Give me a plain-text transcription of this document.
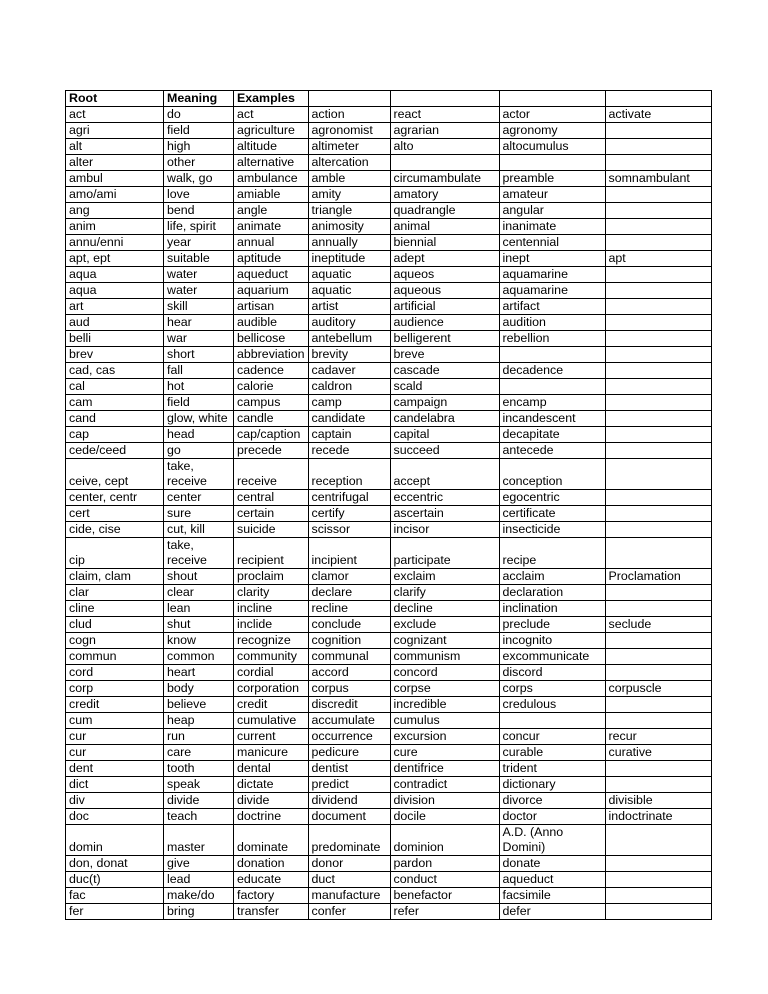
Root	Meaning	Examples				
act	do	act	action	react	actor	activate
agri	field	agriculture	agronomist	agrarian	agronomy	
alt	high	altitude	altimeter	alto	altocumulus	
alter	other	alternative	altercation			
ambul	walk, go	ambulance	amble	circumambulate	preamble	somnambulant
amo/ami	love	amiable	amity	amatory	amateur	
ang	bend	angle	triangle	quadrangle	angular	
anim	life, spirit	animate	animosity	animal	inanimate	
annu/enni	year	annual	annually	biennial	centennial	
apt, ept	suitable	aptitude	ineptitude	adept	inept	apt
aqua	water	aqueduct	aquatic	aqueos	aquamarine	
aqua	water	aquarium	aquatic	aqueous	aquamarine	
art	skill	artisan	artist	artificial	artifact	
aud	hear	audible	auditory	audience	audition	
belli	war	bellicose	antebellum	belligerent	rebellion	
brev	short	abbreviation	brevity	breve		
cad, cas	fall	cadence	cadaver	cascade	decadence	
cal	hot	calorie	caldron	scald		
cam	field	campus	camp	campaign	encamp	
cand	glow, white	candle	candidate	candelabra	incandescent	
cap	head	cap/caption	captain	capital	decapitate	
cede/ceed	go	precede	recede	succeed	antecede	
ceive, cept	take, receive	receive	reception	accept	conception	
center, centr	center	central	centrifugal	eccentric	egocentric	
cert	sure	certain	certify	ascertain	certificate	
cide, cise	cut, kill	suicide	scissor	incisor	insecticide	
cip	take, receive	recipient	incipient	participate	recipe	
claim, clam	shout	proclaim	clamor	exclaim	acclaim	Proclamation
clar	clear	clarity	declare	clarify	declaration	
cline	lean	incline	recline	decline	inclination	
clud	shut	inclide	conclude	exclude	preclude	seclude
cogn	know	recognize	cognition	cognizant	incognito	
commun	common	community	communal	communism	excommunicate	
cord	heart	cordial	accord	concord	discord	
corp	body	corporation	corpus	corpse	corps	corpuscle
credit	believe	credit	discredit	incredible	credulous	
cum	heap	cumulative	accumulate	cumulus		
cur	run	current	occurrence	excursion	concur	recur
cur	care	manicure	pedicure	cure	curable	curative
dent	tooth	dental	dentist	dentifrice	trident	
dict	speak	dictate	predict	contradict	dictionary	
div	divide	divide	dividend	division	divorce	divisible
doc	teach	doctrine	document	docile	doctor	indoctrinate
domin	master	dominate	predominate	dominion	A.D. (Anno Domini)	
don, donat	give	donation	donor	pardon	donate	
duc(t)	lead	educate	duct	conduct	aqueduct	
fac	make/do	factory	manufacture	benefactor	facsimile	
fer	bring	transfer	confer	refer	defer	
